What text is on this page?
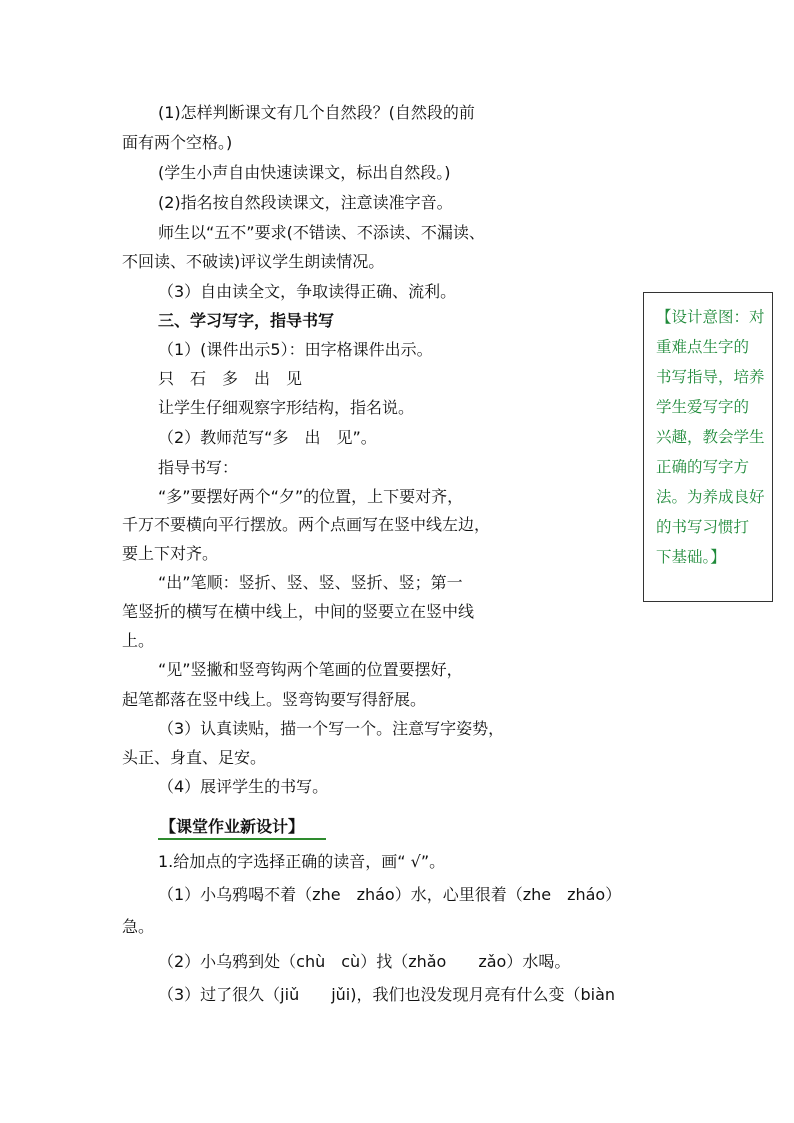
(1)怎样判断课文有几个自然段？(自然段的前
面有两个空格。)
(学生小声自由快速读课文，标出自然段。)
(2)指名按自然段读课文，注意读准字音。
师生以“五不”要求(不错读、不添读、不漏读、
不回读、不破读)评议学生朗读情况。
（3）自由读全文，争取读得正确、流利。
三、学习写字，指导书写
（1）(课件出示5）：田字格课件出示。
只　石　多　出　见
让学生仔细观察字形结构，指名说。
（2）教师范写“多　出　见”。
指导书写：
“多”要摆好两个“夕”的位置，上下要对齐，
千万不要横向平行摆放。两个点画写在竖中线左边，
要上下对齐。
“出”笔顺：竖折、竖、竖、竖折、竖；第一
笔竖折的横写在横中线上，中间的竖要立在竖中线
上。
“见”竖撇和竖弯钩两个笔画的位置要摆好，
起笔都落在竖中线上。竖弯钩要写得舒展。
（3）认真读贴，描一个写一个。注意写字姿势，
头正、身直、足安。
（4）展评学生的书写。
【课堂作业新设计】
1.给加点的字选择正确的读音，画“ √”。
（1）小乌鸦喝不着（zhe　zháo）水，心里很着（zhe　zháo）
急。
（2）小乌鸦到处（chù　cù）找（zhǎo　　zǎo）水喝。
（3）过了很久（jiǔ　　jǔi)，我们也没发现月亮有什么变（biàn
【设计意图：对
重难点生字的
书写指导，培养
学生爱写字的
兴趣，教会学生
正确的写字方
法。为养成良好
的书写习惯打
下基础。】
